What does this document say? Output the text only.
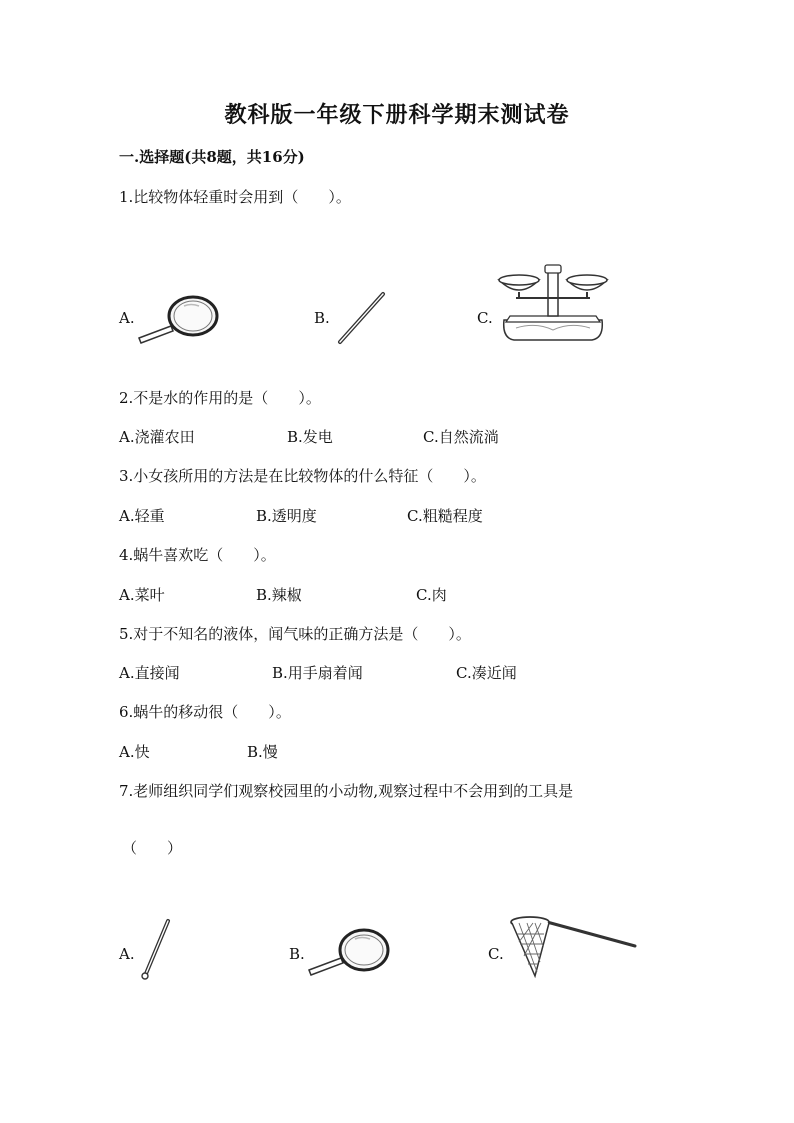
教科版一年级下册科学期末测试卷
一.选择题(共8题，共16分)
1.比较物体轻重时会用到（　　）。
A.	B.	C.
2.不是水的作用的是（　　）。
A.浇灌农田	B.发电	C.自然流淌
3.小女孩所用的方法是在比较物体的什么特征（　　）。
A.轻重	B.透明度	C.粗糙程度
4.蜗牛喜欢吃（　　）。
A.菜叶	B.辣椒	C.肉
5.对于不知名的液体，闻气味的正确方法是（　　）。
A.直接闻	B.用手扇着闻	C.凑近闻
6.蜗牛的移动很（　　）。
A.快	B.慢
7.老师组织同学们观察校园里的小动物,观察过程中不会用到的工具是
（　　）
A.	B.	C.
